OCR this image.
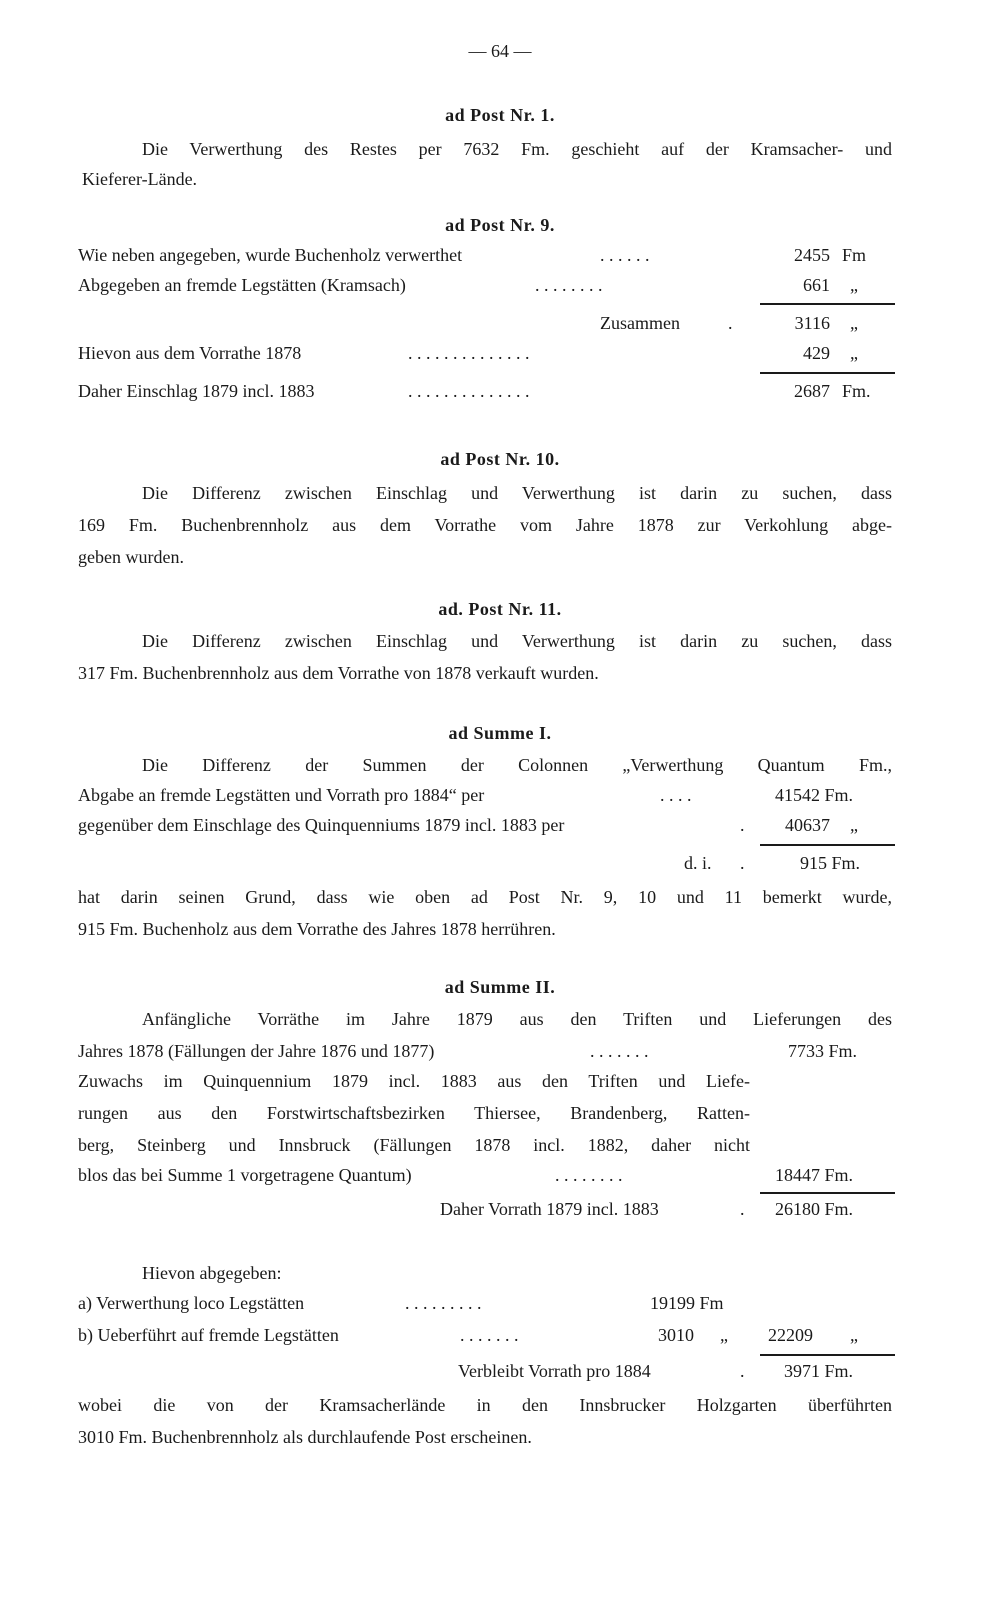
— 64 —
ad Post Nr. 1.
Die Verwerthung des Restes per 7632 Fm. geschieht auf der Kramsacher- und
Kieferer-Lände.
ad Post Nr. 9.
Wie neben angegeben, wurde Buchenholz verwerthet	. . . . . .	2455 Fm
Abgegeben an fremde Legstätten (Kramsach)	. . . . . . . .	661 „
Zusammen	.	3116 „
Hievon aus dem Vorrathe 1878	. . . . . . . . . . . . . .	429 „
Daher Einschlag 1879 incl. 1883	. . . . . . . . . . . . . .	2687 Fm.
ad Post Nr. 10.
Die Differenz zwischen Einschlag und Verwerthung ist darin zu suchen, dass
169 Fm. Buchenbrennholz aus dem Vorrathe vom Jahre 1878 zur Verkohlung abge-
geben wurden.
ad. Post Nr. 11.
Die Differenz zwischen Einschlag und Verwerthung ist darin zu suchen, dass
317 Fm. Buchenbrennholz aus dem Vorrathe von 1878 verkauft wurden.
ad Summe I.
Die Differenz der Summen der Colonnen „Verwerthung Quantum Fm.,
Abgabe an fremde Legstätten und Vorrath pro 1884“ per	. . . .	41542 Fm.
gegenüber dem Einschlage des Quinquenniums 1879 incl. 1883 per	.	40637 „
d. i. .	915 Fm.
hat darin seinen Grund, dass wie oben ad Post Nr. 9, 10 und 11 bemerkt wurde,
915 Fm. Buchenholz aus dem Vorrathe des Jahres 1878 herrühren.
ad Summe II.
Anfängliche Vorräthe im Jahre 1879 aus den Triften und Lieferungen des
Jahres 1878 (Fällungen der Jahre 1876 und 1877)	. . . . . . .	7733 Fm.
Zuwachs im Quinquennium 1879 incl. 1883 aus den Triften und Liefe-
rungen aus den Forstwirtschaftsbezirken Thiersee, Brandenberg, Ratten-
berg, Steinberg und Innsbruck (Fällungen 1878 incl. 1882, daher nicht
blos das bei Summe 1 vorgetragene Quantum)	. . . . . . . .	18447 Fm.
Daher Vorrath 1879 incl. 1883	. 26180 Fm.
Hievon abgegeben:
a) Verwerthung loco Legstätten	. . . . . . . . .	19199 Fm
b) Ueberführt auf fremde Legstätten	. . . . . . .	3010 „ 22209 „
Verbleibt Vorrath pro 1884	. 3971 Fm.
wobei die von der Kramsacherlände in den Innsbrucker Holzgarten überführten
3010 Fm. Buchenbrennholz als durchlaufende Post erscheinen.
